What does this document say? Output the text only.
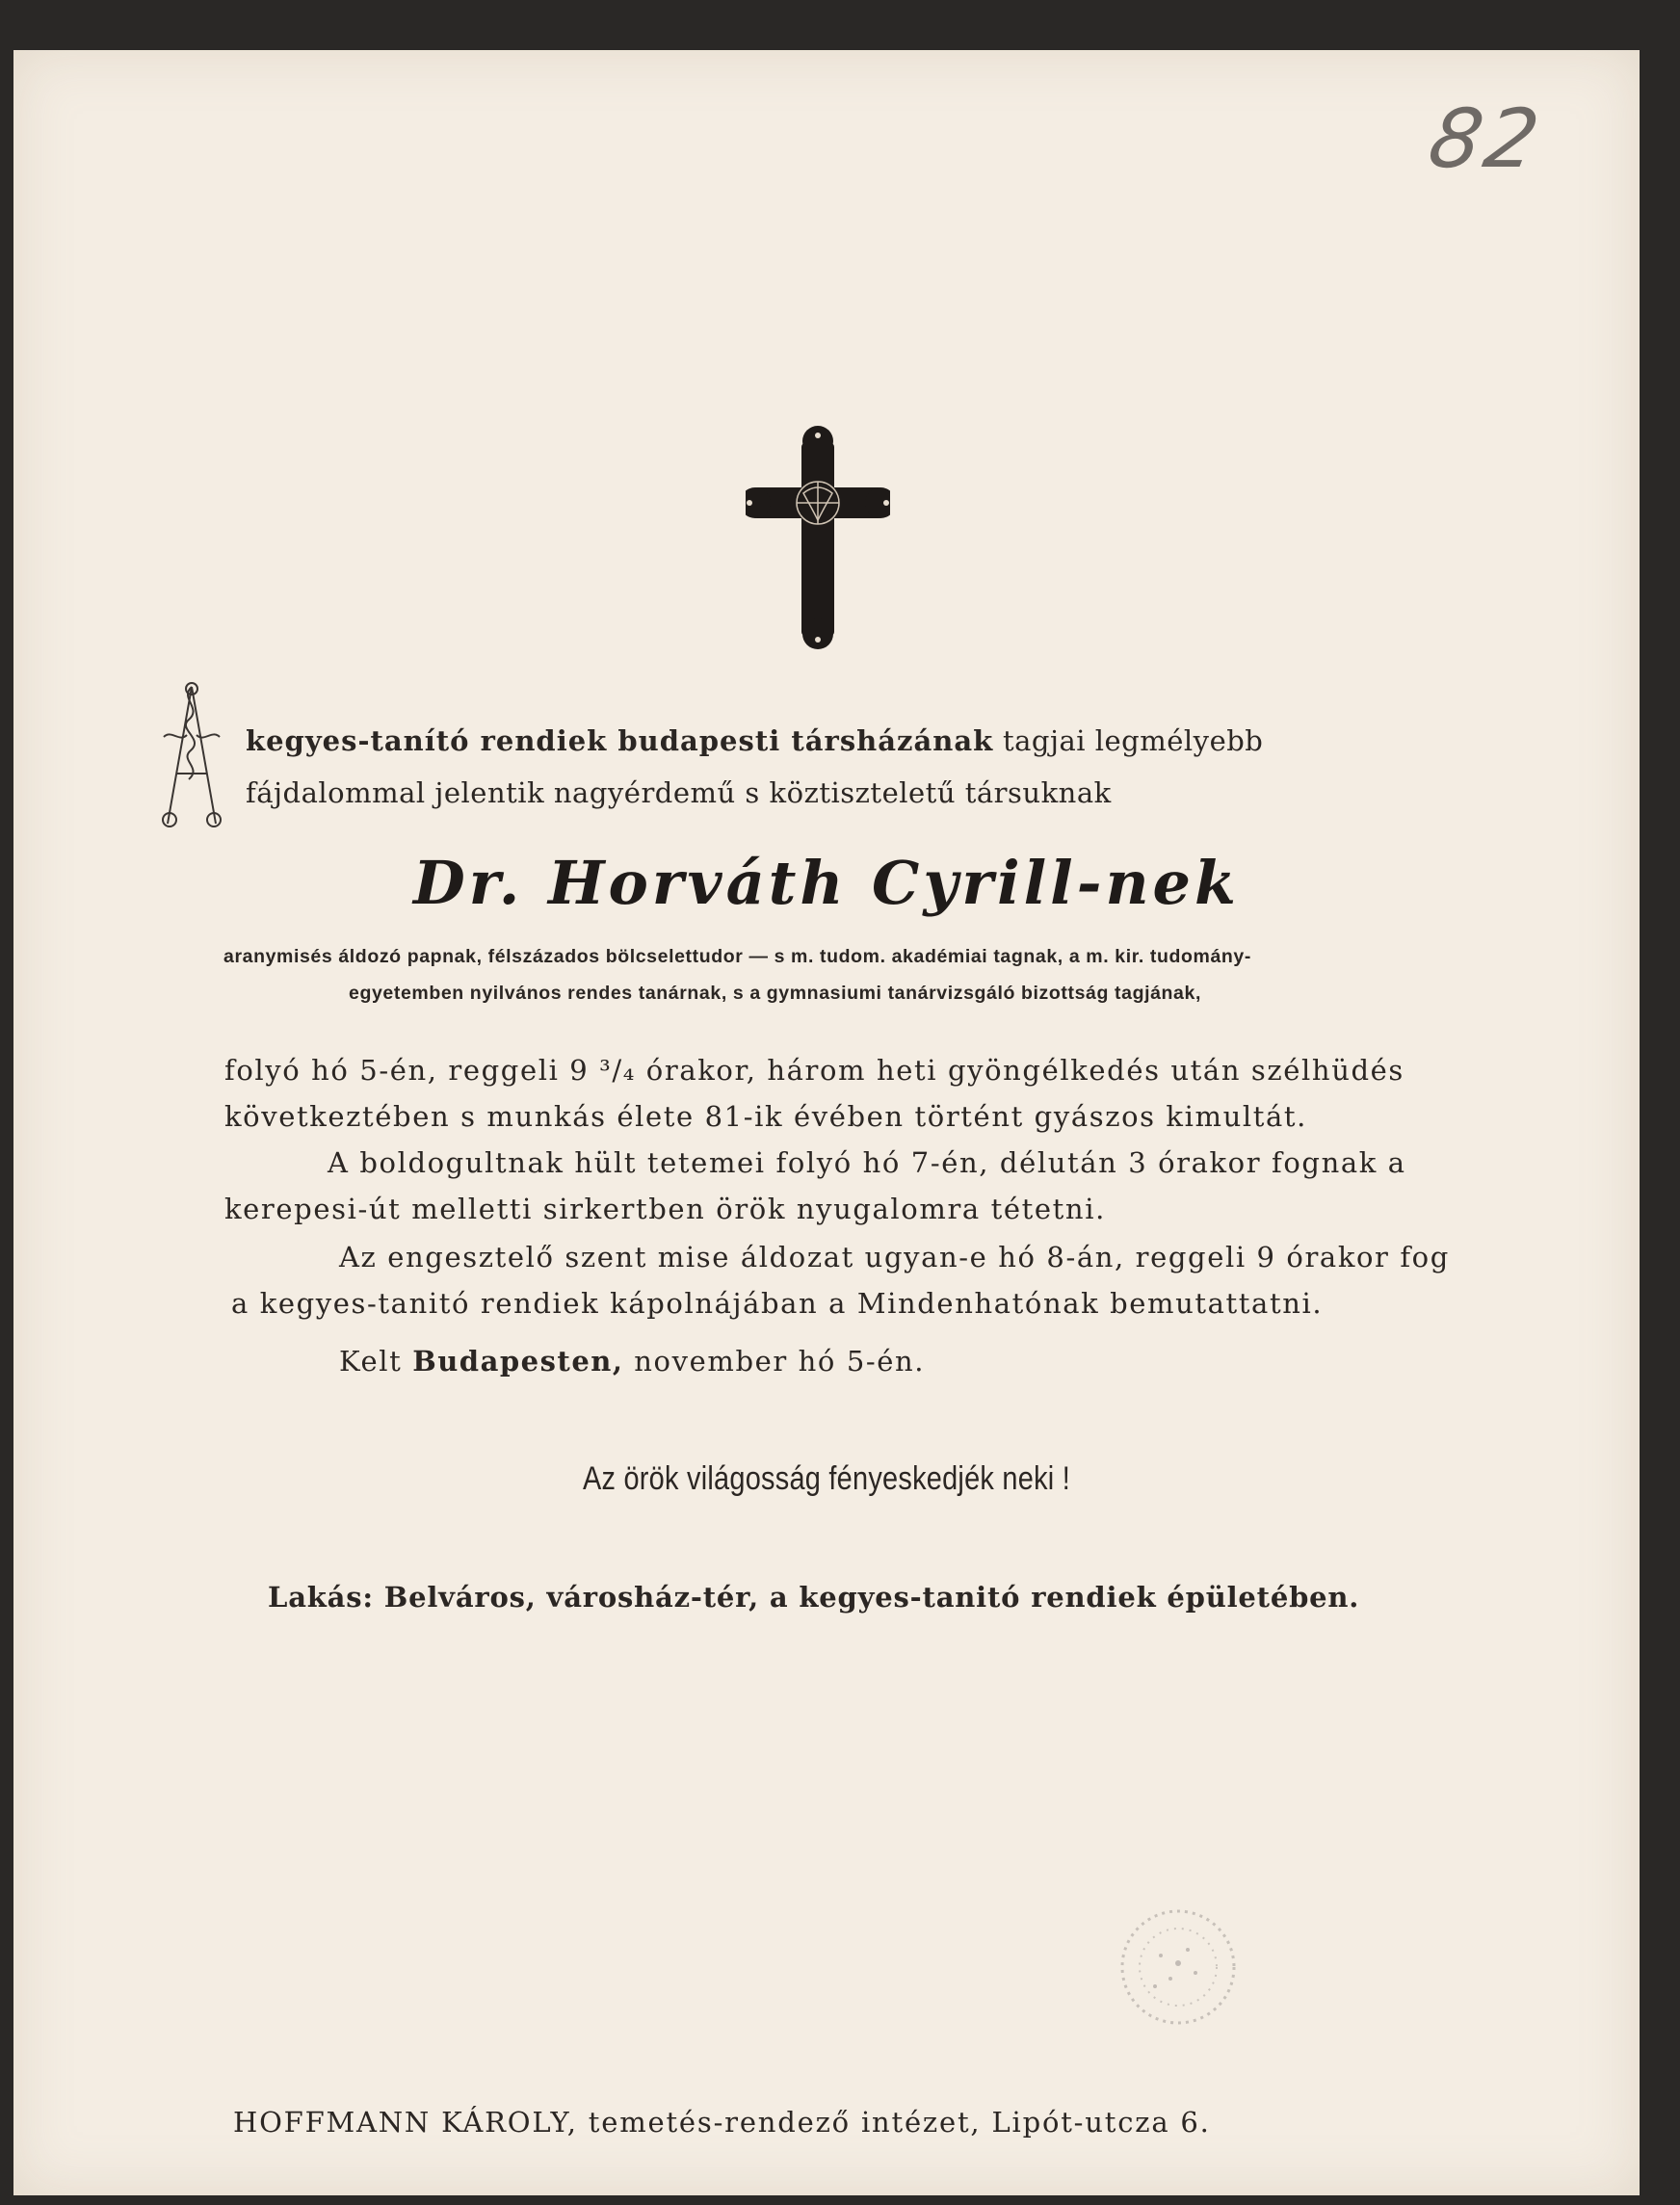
82
kegyes-tanító rendiek budapesti társházának tagjai legmélyebb
fájdalommal jelentik nagyérdemű s köztiszteletű társuknak
Dr. Horváth Cyrill-nek
aranymisés áldozó papnak, félszázados bölcselettudor — s m. tudom. akadémiai tagnak, a m. kir. tudomány-
egyetemben nyilvános rendes tanárnak, s a gymnasiumi tanárvizsgáló bizottság tagjának,
folyó hó 5-én, reggeli 9 ³/₄ órakor, három heti gyöngélkedés után szélhüdés
következtében s munkás élete 81-ik évében történt gyászos kimultát.
A boldogultnak hült tetemei folyó hó 7-én, délután 3 órakor fognak a
kerepesi-út melletti sirkertben örök nyugalomra tétetni.
Az engesztelő szent mise áldozat ugyan-e hó 8-án, reggeli 9 órakor fog
a kegyes-tanitó rendiek kápolnájában a Mindenhatónak bemutattatni.
Kelt Budapesten, november hó 5-én.
Az örök világosság fényeskedjék neki !
Lakás: Belváros, városház-tér, a kegyes-tanitó rendiek épületében.
HOFFMANN KÁROLY, temetés-rendező intézet, Lipót-utcza 6.
